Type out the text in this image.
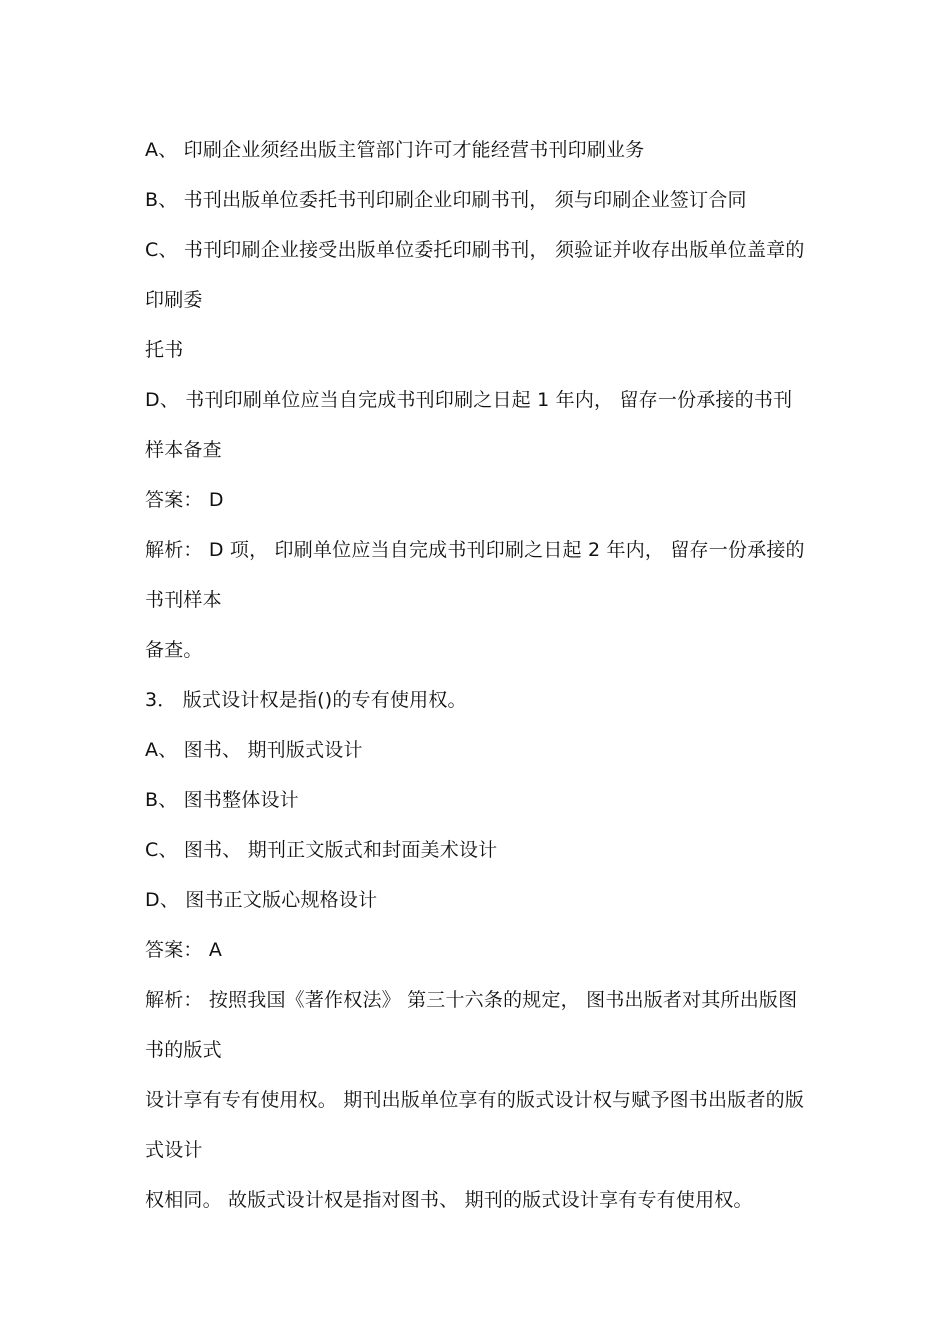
A、 印刷企业须经出版主管部门许可才能经营书刊印刷业务
B、 书刊出版单位委托书刊印刷企业印刷书刊， 须与印刷企业签订合同
C、 书刊印刷企业接受出版单位委托印刷书刊， 须验证并收存出版单位盖章的
印刷委
托书
D、 书刊印刷单位应当自完成书刊印刷之日起 1 年内， 留存一份承接的书刊
样本备查
答案： D
解析： D 项， 印刷单位应当自完成书刊印刷之日起 2 年内， 留存一份承接的
书刊样本
备查。
3． 版式设计权是指()的专有使用权。
A、 图书、 期刊版式设计
B、 图书整体设计
C、 图书、 期刊正文版式和封面美术设计
D、 图书正文版心规格设计
答案： A
解析： 按照我国《著作权法》 第三十六条的规定， 图书出版者对其所出版图
书的版式
设计享有专有使用权。 期刊出版单位享有的版式设计权与赋予图书出版者的版
式设计
权相同。 故版式设计权是指对图书、 期刊的版式设计享有专有使用权。
